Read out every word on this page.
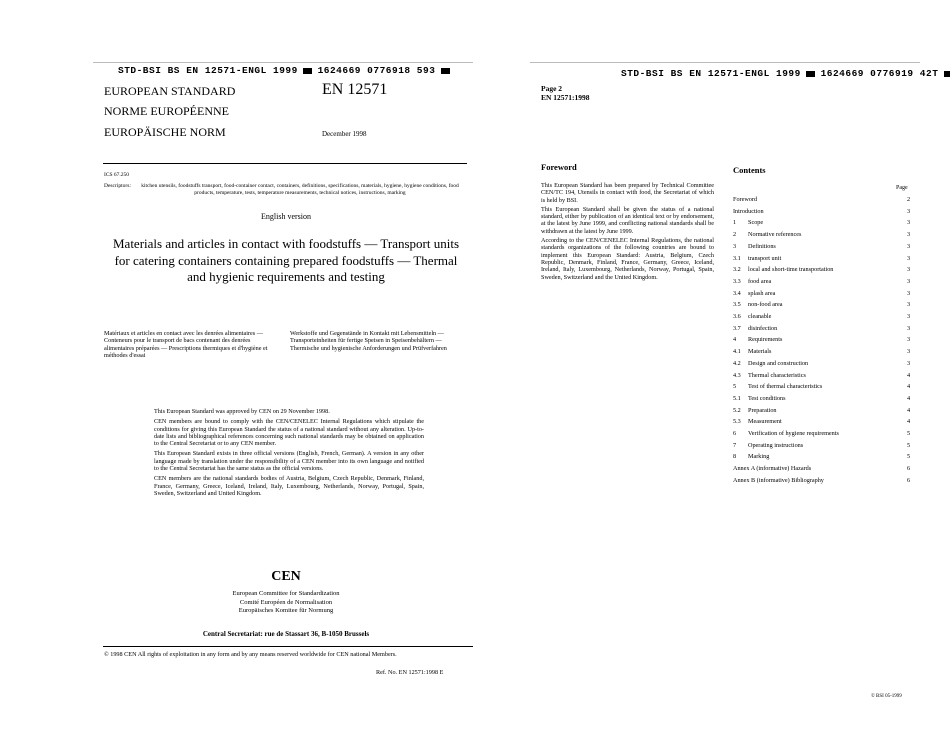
STD-BSI BS EN 12571-ENGL 1999 1624669 0776918 593
EUROPEAN STANDARD
NORME EUROPÉENNE
EUROPÄISCHE NORM
EN 12571
December 1998
ICS 67.250
Descriptors:	kitchen utensils, foodstuffs transport, food-container contact, containers, definitions, specifications, materials, hygiene, hygiene conditions, food products, temperature, tests, temperature measurements, technical notices, instructions, marking
English version
Materials and articles in contact with foodstuffs — Transport units for catering containers containing prepared foodstuffs — Thermal and hygienic requirements and testing
Matériaux et articles en contact avec les denrées alimentaires — Conteneurs pour le transport de bacs contenant des denrées alimentaires préparées — Prescriptions thermiques et d'hygiène et méthodes d'essai
Werkstoffe und Gegenstände in Kontakt mit Lebensmitteln — Transporteinheiten für fertige Speisen in Speisenbehältern — Thermische und hygienische Anforderungen und Prüfverfahren
This European Standard was approved by CEN on 29 November 1998.
CEN members are bound to comply with the CEN/CENELEC Internal Regulations which stipulate the conditions for giving this European Standard the status of a national standard without any alteration. Up-to-date lists and bibliographical references concerning such national standards may be obtained on application to the Central Secretariat or to any CEN member.
This European Standard exists in three official versions (English, French, German). A version in any other language made by translation under the responsibility of a CEN member into its own language and notified to the Central Secretariat has the same status as the official versions.
CEN members are the national standards bodies of Austria, Belgium, Czech Republic, Denmark, Finland, France, Germany, Greece, Iceland, Ireland, Italy, Luxembourg, Netherlands, Norway, Portugal, Spain, Sweden, Switzerland and United Kingdom.
CEN
European Committee for Standardization
Comité Européen de Normalisation
Europäisches Komitee für Normung
Central Secretariat: rue de Stassart 36, B-1050 Brussels
© 1998 CEN All rights of exploitation in any form and by any means reserved worldwide for CEN national Members.
Ref. No. EN 12571:1998 E
STD-BSI BS EN 12571-ENGL 1999 1624669 0776919 42T
Page 2
EN 12571:1998
Foreword
This European Standard has been prepared by Technical Committee CEN/TC 194, Utensils in contact with food, the Secretariat of which is held by BSI.
This European Standard shall be given the status of a national standard, either by publication of an identical text or by endorsement, at the latest by June 1999, and conflicting national standards shall be withdrawn at the latest by June 1999.
According to the CEN/CENELEC Internal Regulations, the national standards organizations of the following countries are bound to implement this European Standard: Austria, Belgium, Czech Republic, Denmark, Finland, France, Germany, Greece, Iceland, Ireland, Italy, Luxembourg, Netherlands, Norway, Portugal, Spain, Sweden, Switzerland and the United Kingdom.
Contents
Page
Foreword	2
Introduction	3
1 Scope	3
2 Normative references	3
3 Definitions	3
3.1 transport unit	3
3.2 local and short-time transportation	3
3.3 food area	3
3.4 splash area	3
3.5 non-food area	3
3.6 cleanable	3
3.7 disinfection	3
4 Requirements	3
4.1 Materials	3
4.2 Design and construction	3
4.3 Thermal characteristics	4
5 Test of thermal characteristics	4
5.1 Test conditions	4
5.2 Preparation	4
5.3 Measurement	4
6 Verification of hygiene requirements	5
7 Operating instructions	5
8 Marking	5
Annex A (informative) Hazards	6
Annex B (informative) Bibliography	6
© BSI 05-1999
